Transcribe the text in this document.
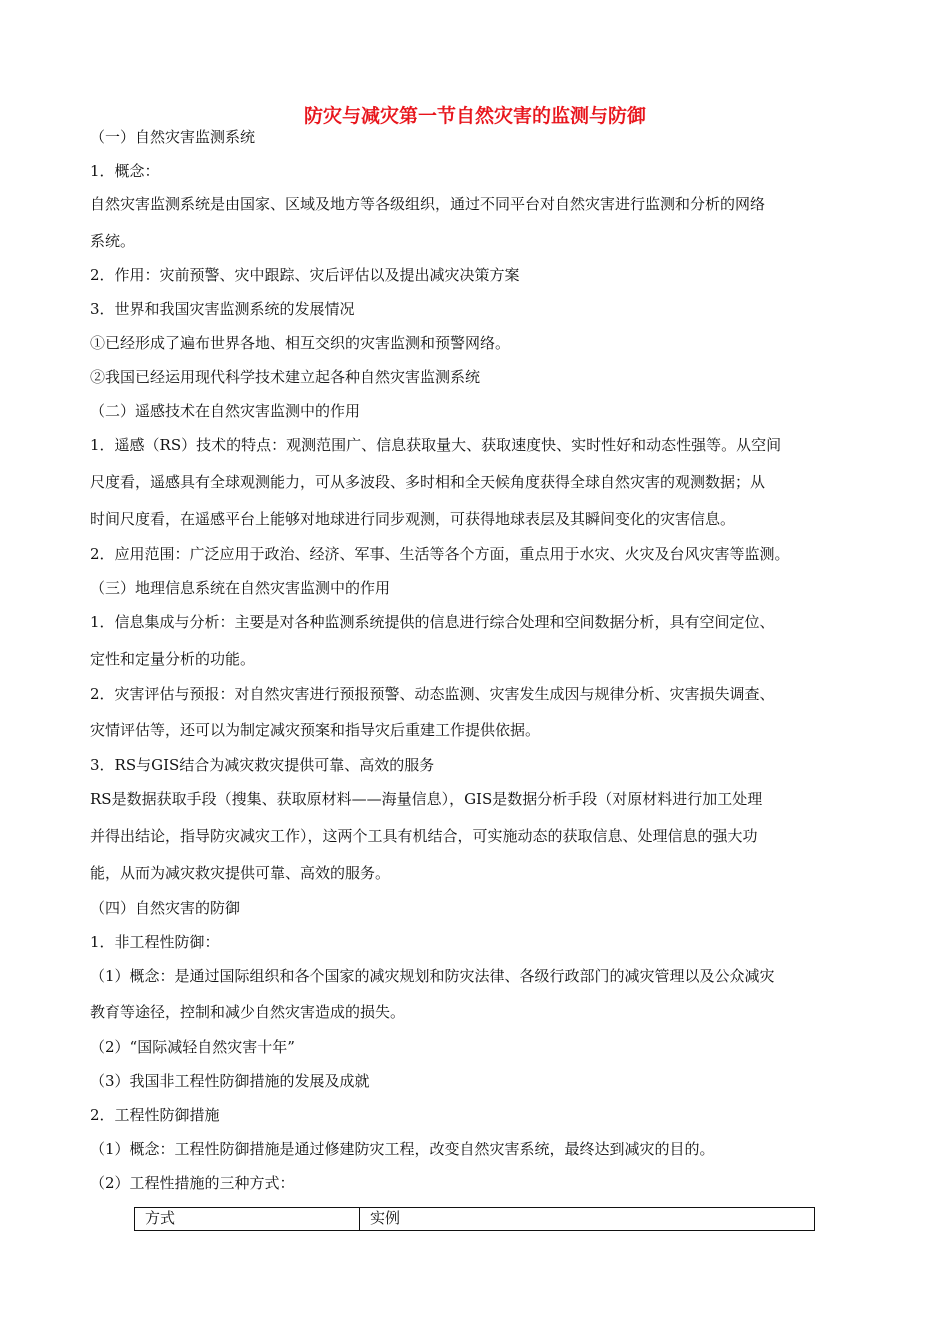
防灾与减灾第一节自然灾害的监测与防御
（一）自然灾害监测系统
1．概念：
自然灾害监测系统是由国家、区域及地方等各级组织，通过不同平台对自然灾害进行监测和分析的网络
系统。
2．作用：灾前预警、灾中跟踪、灾后评估以及提出减灾决策方案
3．世界和我国灾害监测系统的发展情况
①已经形成了遍布世界各地、相互交织的灾害监测和预警网络。
②我国已经运用现代科学技术建立起各种自然灾害监测系统
（二）遥感技术在自然灾害监测中的作用
1．遥感（RS）技术的特点：观测范围广、信息获取量大、获取速度快、实时性好和动态性强等。从空间
尺度看，遥感具有全球观测能力，可从多波段、多时相和全天候角度获得全球自然灾害的观测数据；从
时间尺度看，在遥感平台上能够对地球进行同步观测，可获得地球表层及其瞬间变化的灾害信息。
2．应用范围：广泛应用于政治、经济、军事、生活等各个方面，重点用于水灾、火灾及台风灾害等监测。
（三）地理信息系统在自然灾害监测中的作用
1．信息集成与分析：主要是对各种监测系统提供的信息进行综合处理和空间数据分析，具有空间定位、
定性和定量分析的功能。
2．灾害评估与预报：对自然灾害进行预报预警、动态监测、灾害发生成因与规律分析、灾害损失调查、
灾情评估等，还可以为制定减灾预案和指导灾后重建工作提供依据。
3．RS与GIS结合为减灾救灾提供可靠、高效的服务
RS是数据获取手段（搜集、获取原材料——海量信息），GIS是数据分析手段（对原材料进行加工处理
并得出结论，指导防灾减灾工作），这两个工具有机结合，可实施动态的获取信息、处理信息的强大功
能，从而为减灾救灾提供可靠、高效的服务。
（四）自然灾害的防御
1．非工程性防御：
（1）概念：是通过国际组织和各个国家的减灾规划和防灾法律、各级行政部门的减灾管理以及公众减灾
教育等途径，控制和减少自然灾害造成的损失。
（2）“国际减轻自然灾害十年”
（3）我国非工程性防御措施的发展及成就
2．工程性防御措施
（1）概念：工程性防御措施是通过修建防灾工程，改变自然灾害系统，最终达到减灾的目的。
（2）工程性措施的三种方式：
方式	实例
